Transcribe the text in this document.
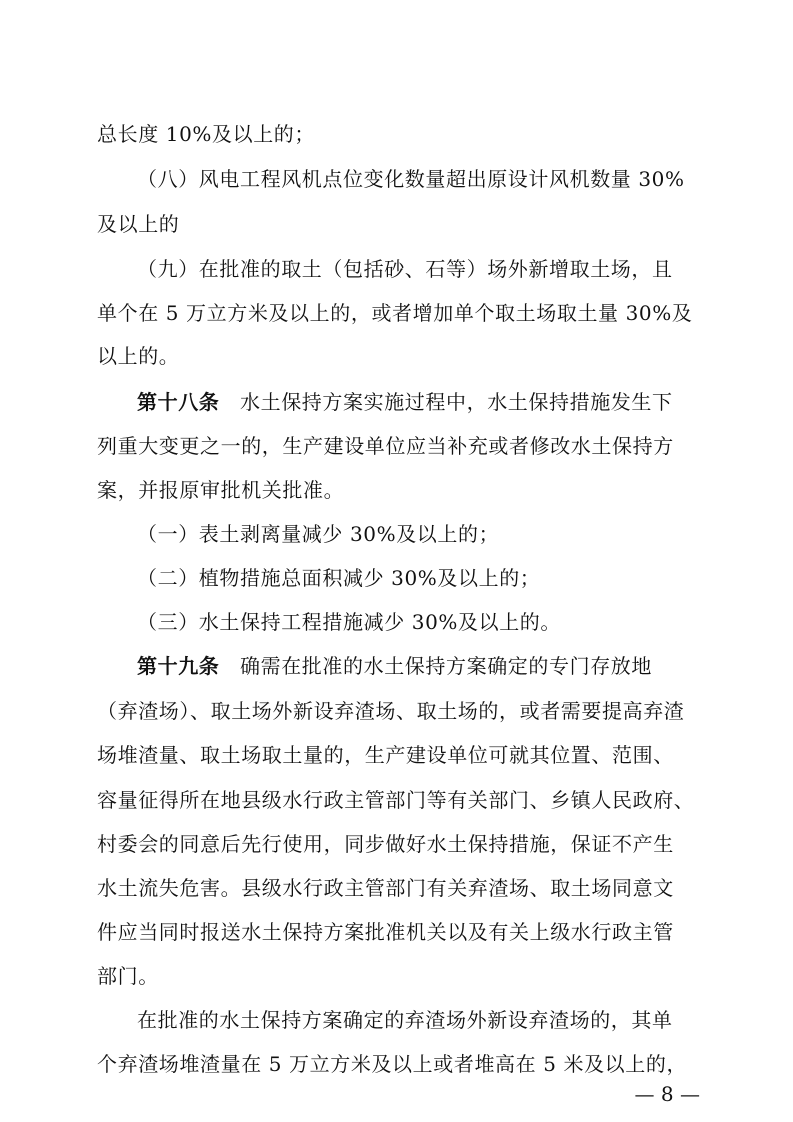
总长度 10%及以上的；
（八）风电工程风机点位变化数量超出原设计风机数量 30%
及以上的
（九）在批准的取土（包括砂、石等）场外新增取土场，且
单个在 5 万立方米及以上的，或者增加单个取土场取土量 30%及
以上的。
第十八条　水土保持方案实施过程中，水土保持措施发生下
列重大变更之一的，生产建设单位应当补充或者修改水土保持方
案，并报原审批机关批准。
（一）表土剥离量减少 30%及以上的；
（二）植物措施总面积减少 30%及以上的；
（三）水土保持工程措施减少 30%及以上的。
第十九条　确需在批准的水土保持方案确定的专门存放地
（弃渣场）、取土场外新设弃渣场、取土场的，或者需要提高弃渣
场堆渣量、取土场取土量的，生产建设单位可就其位置、范围、
容量征得所在地县级水行政主管部门等有关部门、乡镇人民政府、
村委会的同意后先行使用，同步做好水土保持措施，保证不产生
水土流失危害。县级水行政主管部门有关弃渣场、取土场同意文
件应当同时报送水土保持方案批准机关以及有关上级水行政主管
部门。
在批准的水土保持方案确定的弃渣场外新设弃渣场的，其单
个弃渣场堆渣量在 5 万立方米及以上或者堆高在 5 米及以上的，
— 8 —
